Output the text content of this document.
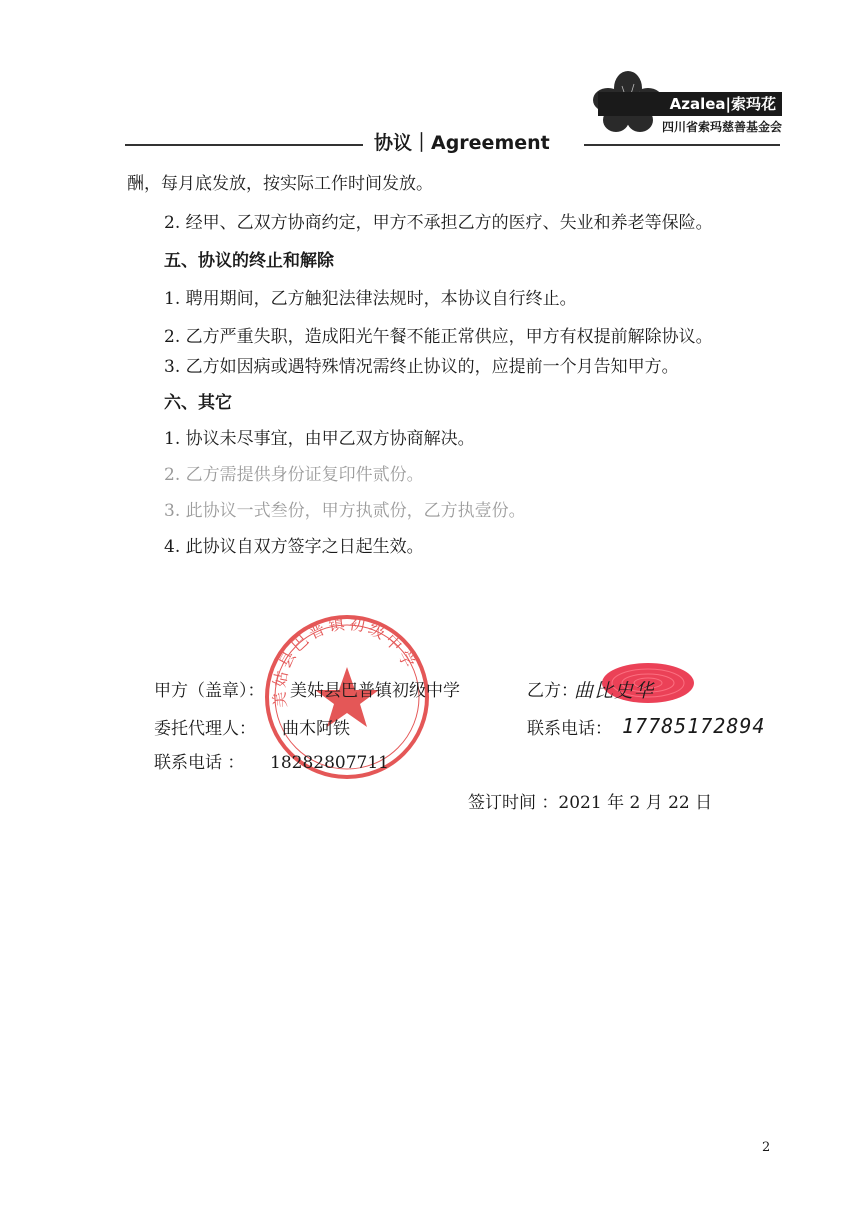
协议｜Agreement
Azalea|索玛花
四川省索玛慈善基金会
酬，每月底发放，按实际工作时间发放。
2. 经甲、乙双方协商约定，甲方不承担乙方的医疗、失业和养老等保险。
五、协议的终止和解除
1. 聘用期间，乙方触犯法律法规时，本协议自行终止。
2. 乙方严重失职，造成阳光午餐不能正常供应，甲方有权提前解除协议。
3. 乙方如因病或遇特殊情况需终止协议的，应提前一个月告知甲方。
六、其它
1. 协议未尽事宜，由甲乙双方协商解决。
2. 乙方需提供身份证复印件贰份。
3. 此协议一式叁份，甲方执贰份，乙方执壹份。
4. 此协议自双方签字之日起生效。
美姑县巴普镇初级中学
甲方（盖章）： 美姑县巴普镇初级中学
委托代理人： 曲木阿铁
联系电话 ： 18282807711
乙方：
曲比史华
联系电话： 17785172894
签订时间 ：2021 年 2 月 22 日
2
